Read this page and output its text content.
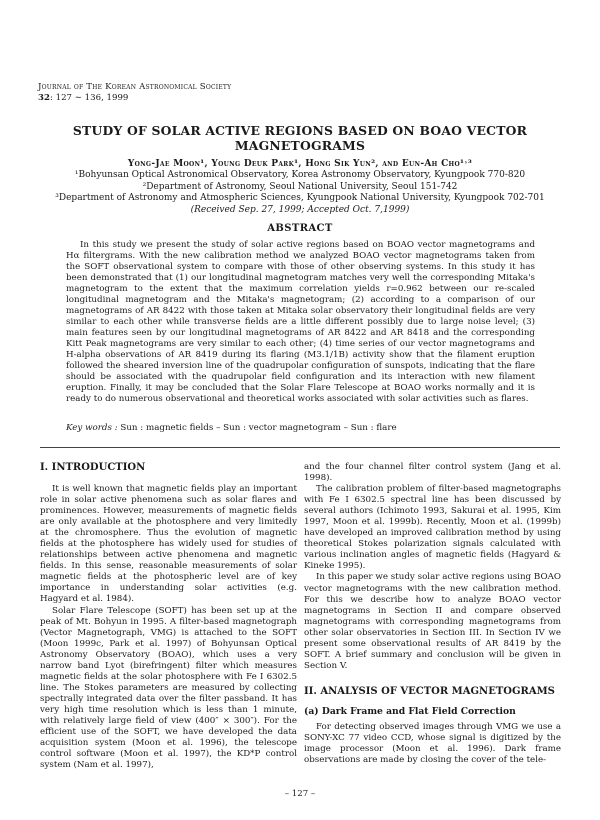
Journal of The Korean Astronomical Society
32: 127 ∼ 136, 1999
STUDY OF SOLAR ACTIVE REGIONS BASED ON BOAO VECTOR MAGNETOGRAMS
Yong-Jae Moon¹, Young Deuk Park¹, Hong Sik Yun², and Eun-Ah Cho¹˒³
¹Bohyunsan Optical Astronomical Observatory, Korea Astronomy Observatory, Kyungpook 770-820
²Department of Astronomy, Seoul National University, Seoul 151-742
³Department of Astronomy and Atmospheric Sciences, Kyungpook National University, Kyungpook 702-701
(Received Sep. 27, 1999; Accepted Oct. 7,1999)
ABSTRACT

In this study we present the study of solar active regions based on BOAO vector magnetograms and Hα filtergrams. With the new calibration method we analyzed BOAO vector magnetograms taken from the SOFT observational system to compare with those of other observing systems. In this study it has been demonstrated that (1) our longitudinal magnetogram matches very well the corresponding Mitaka's magnetogram to the extent that the maximum correlation yields r=0.962 between our re-scaled longitudinal magnetogram and the Mitaka's magnetogram; (2) according to a comparison of our magnetograms of AR 8422 with those taken at Mitaka solar observatory their longitudinal fields are very similar to each other while transverse fields are a little different possibly due to large noise level; (3) main features seen by our longitudinal magnetograms of AR 8422 and AR 8418 and the corresponding Kitt Peak magnetograms are very similar to each other; (4) time series of our vector magnetograms and H-alpha observations of AR 8419 during its flaring (M3.1/1B) activity show that the filament eruption followed the sheared inversion line of the quadrupolar configuration of sunspots, indicating that the flare should be associated with the quadrupolar field configuration and its interaction with new filament eruption. Finally, it may be concluded that the Solar Flare Telescope at BOAO works normally and it is ready to do numerous observational and theoretical works associated with solar activities such as flares.

Key words : Sun : magnetic fields – Sun : vector magnetogram – Sun : flare
I. INTRODUCTION

It is well known that magnetic fields play an important role in solar active phenomena such as solar flares and prominences. However, measurements of magnetic fields are only available at the photosphere and very limitedly at the chromosphere. Thus the evolution of magnetic fields at the photosphere has widely used for studies of relationships between active phenomena and magnetic fields. In this sense, reasonable measurements of solar magnetic fields at the photospheric level are of key importance in understanding solar activities (e.g. Hagyard et al. 1984).

Solar Flare Telescope (SOFT) has been set up at the peak of Mt. Bohyun in 1995. A filter-based magnetograph (Vector Magnetograph, VMG) is attached to the SOFT (Moon 1999c, Park et al. 1997) of Bohyunsan Optical Astronomy Observatory (BOAO), which uses a very narrow band Lyot (birefringent) filter which measures magnetic fields at the solar photosphere with Fe I 6302.5 line. The Stokes parameters are measured by collecting spectrally integrated data over the filter passband. It has very high time resolution which is less than 1 minute, with relatively large field of view (400″ × 300″). For the efficient use of the SOFT, we have developed the data acquisition system (Moon et al. 1996), the telescope control software (Moon et al. 1997), the KD*P control system (Nam et al. 1997),

and the four channel filter control system (Jang et al. 1998).

The calibration problem of filter-based magnetographs with Fe I 6302.5 spectral line has been discussed by several authors (Ichimoto 1993, Sakurai et al. 1995, Kim 1997, Moon et al. 1999b). Recently, Moon et al. (1999b) have developed an improved calibration method by using theoretical Stokes polarization signals calculated with various inclination angles of magnetic fields (Hagyard & Kineke 1995).

In this paper we study solar active regions using BOAO vector magnetograms with the new calibration method. For this we describe how to analyze BOAO vector magnetograms in Section II and compare observed magnetograms with corresponding magnetograms from other solar observatories in Section III. In Section IV we present some observational results of AR 8419 by the SOFT. A brief summary and conclusion will be given in Section V.

II. ANALYSIS OF VECTOR MAGNETOGRAMS
(a) Dark Frame and Flat Field Correction

For detecting observed images through VMG we use a SONY-XC 77 video CCD, whose signal is digitized by the image processor (Moon et al. 1996). Dark frame observations are made by closing the cover of the tele-

– 127 –
